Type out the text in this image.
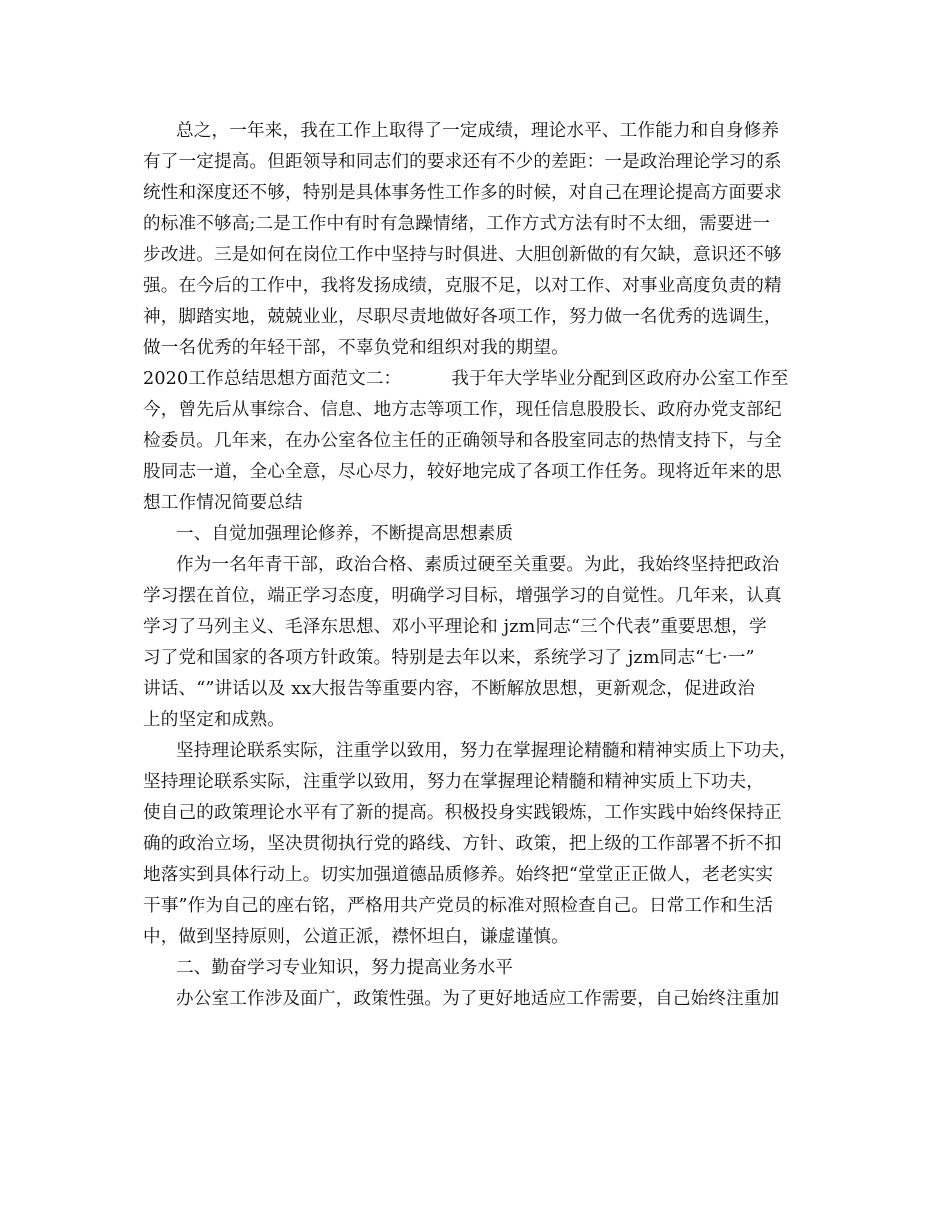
总之，一年来，我在工作上取得了一定成绩，理论水平、工作能力和自身修养
有了一定提高。但距领导和同志们的要求还有不少的差距：一是政治理论学习的系
统性和深度还不够，特别是具体事务性工作多的时候，对自己在理论提高方面要求
的标准不够高;二是工作中有时有急躁情绪，工作方式方法有时不太细，需要进一
步改进。三是如何在岗位工作中坚持与时俱进、大胆创新做的有欠缺，意识还不够
强。在今后的工作中，我将发扬成绩，克服不足，以对工作、对事业高度负责的精
神，脚踏实地，兢兢业业，尽职尽责地做好各项工作，努力做一名优秀的选调生，
做一名优秀的年轻干部，不辜负党和组织对我的期望。
2020工作总结思想方面范文二：	我于年大学毕业分配到区政府办公室工作至
今，曾先后从事综合、信息、地方志等项工作，现任信息股股长、政府办党支部纪
检委员。几年来，在办公室各位主任的正确领导和各股室同志的热情支持下，与全
股同志一道，全心全意，尽心尽力，较好地完成了各项工作任务。现将近年来的思
想工作情况简要总结
一、自觉加强理论修养，不断提高思想素质
作为一名年青干部，政治合格、素质过硬至关重要。为此，我始终坚持把政治
学习摆在首位，端正学习态度，明确学习目标，增强学习的自觉性。几年来，认真
学习了马列主义、毛泽东思想、邓小平理论和 jzm同志“三个代表”重要思想，学
习了党和国家的各项方针政策。特别是去年以来，系统学习了 jzm同志“七·一”
讲话、“”讲话以及 xx大报告等重要内容，不断解放思想，更新观念，促进政治
上的坚定和成熟。
坚持理论联系实际，注重学以致用，努力在掌握理论精髓和精神实质上下功夫，
坚持理论联系实际，注重学以致用，努力在掌握理论精髓和精神实质上下功夫，
使自己的政策理论水平有了新的提高。积极投身实践锻炼，工作实践中始终保持正
确的政治立场，坚决贯彻执行党的路线、方针、政策，把上级的工作部署不折不扣
地落实到具体行动上。切实加强道德品质修养。始终把“堂堂正正做人，老老实实
干事”作为自己的座右铭，严格用共产党员的标准对照检查自己。日常工作和生活
中，做到坚持原则，公道正派，襟怀坦白，谦虚谨慎。
二、勤奋学习专业知识，努力提高业务水平
办公室工作涉及面广，政策性强。为了更好地适应工作需要，自己始终注重加
